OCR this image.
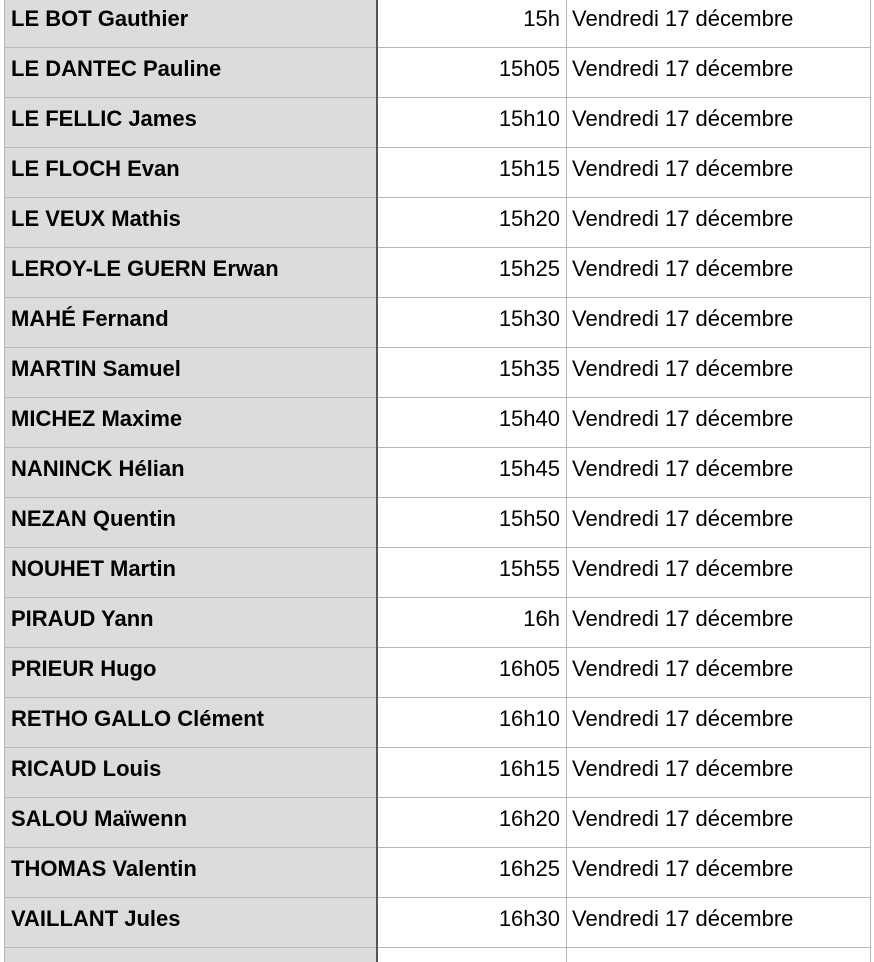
LE BOT Gauthier	15h	Vendredi 17 décembre
LE DANTEC Pauline	15h05	Vendredi 17 décembre
LE FELLIC James	15h10	Vendredi 17 décembre
LE FLOCH Evan	15h15	Vendredi 17 décembre
LE VEUX Mathis	15h20	Vendredi 17 décembre
LEROY-LE GUERN Erwan	15h25	Vendredi 17 décembre
MAHÉ Fernand	15h30	Vendredi 17 décembre
MARTIN Samuel	15h35	Vendredi 17 décembre
MICHEZ Maxime	15h40	Vendredi 17 décembre
NANINCK Hélian	15h45	Vendredi 17 décembre
NEZAN Quentin	15h50	Vendredi 17 décembre
NOUHET Martin	15h55	Vendredi 17 décembre
PIRAUD Yann	16h	Vendredi 17 décembre
PRIEUR Hugo	16h05	Vendredi 17 décembre
RETHO GALLO Clément	16h10	Vendredi 17 décembre
RICAUD Louis	16h15	Vendredi 17 décembre
SALOU Maïwenn	16h20	Vendredi 17 décembre
THOMAS Valentin	16h25	Vendredi 17 décembre
VAILLANT Jules	16h30	Vendredi 17 décembre
